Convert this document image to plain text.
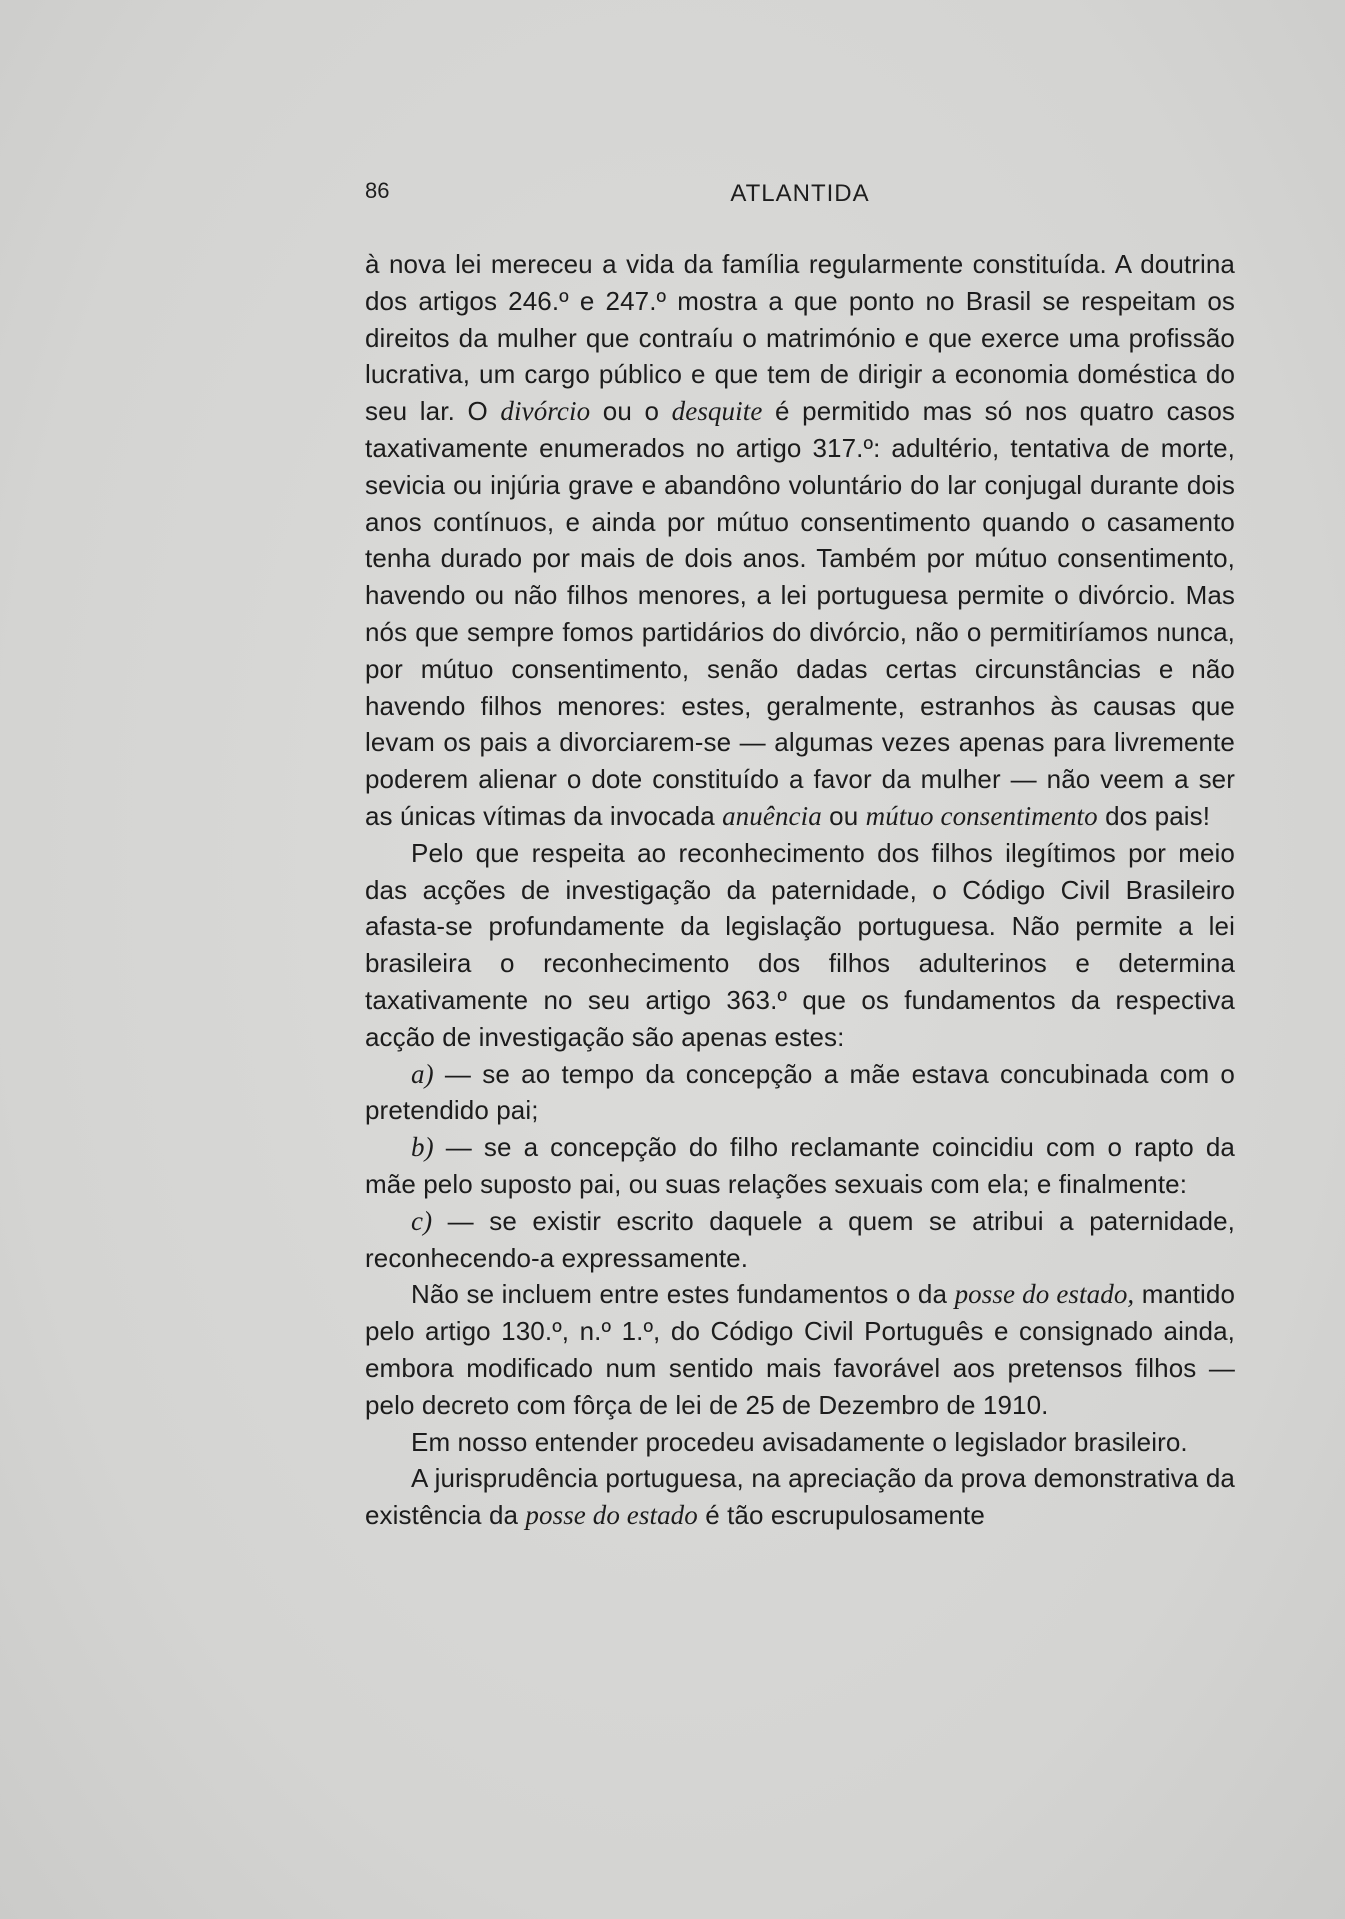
86	ATLANTIDA

à nova lei mereceu a vida da família regularmente constituída. A doutrina dos artigos 246.º e 247.º mostra a que ponto no Brasil se respeitam os direitos da mulher que contraíu o matrimónio e que exerce uma profissão lucrativa, um cargo público e que tem de dirigir a economia doméstica do seu lar. O divórcio ou o desquite é permitido mas só nos quatro casos taxativamente enumerados no artigo 317.º: adultério, tentativa de morte, sevicia ou injúria grave e abandôno voluntário do lar conjugal durante dois anos contínuos, e ainda por mútuo consentimento quando o casamento tenha durado por mais de dois anos. Também por mútuo consentimento, havendo ou não filhos menores, a lei portuguesa permite o divórcio. Mas nós que sempre fomos partidários do divórcio, não o permitiríamos nunca, por mútuo consentimento, senão dadas certas circunstâncias e não havendo filhos menores: estes, geralmente, estranhos às causas que levam os pais a divorciarem-se — algumas vezes apenas para livremente poderem alienar o dote constituído a favor da mulher — não veem a ser as únicas vítimas da invocada anuência ou mútuo consentimento dos pais!

Pelo que respeita ao reconhecimento dos filhos ilegítimos por meio das acções de investigação da paternidade, o Código Civil Brasileiro afasta-se profundamente da legislação portuguesa. Não permite a lei brasileira o reconhecimento dos filhos adulterinos e determina taxativamente no seu artigo 363.º que os fundamentos da respectiva acção de investigação são apenas estes:

a) — se ao tempo da concepção a mãe estava concubinada com o pretendido pai;

b) — se a concepção do filho reclamante coincidiu com o rapto da mãe pelo suposto pai, ou suas relações sexuais com ela; e finalmente:

c) — se existir escrito daquele a quem se atribui a paternidade, reconhecendo-a expressamente.

Não se incluem entre estes fundamentos o da posse do estado, mantido pelo artigo 130.º, n.º 1.º, do Código Civil Português e consignado ainda, embora modificado num sentido mais favorável aos pretensos filhos — pelo decreto com fôrça de lei de 25 de Dezembro de 1910.

Em nosso entender procedeu avisadamente o legislador brasileiro.

A jurisprudência portuguesa, na apreciação da prova demonstrativa da existência da posse do estado é tão escrupulosamente
